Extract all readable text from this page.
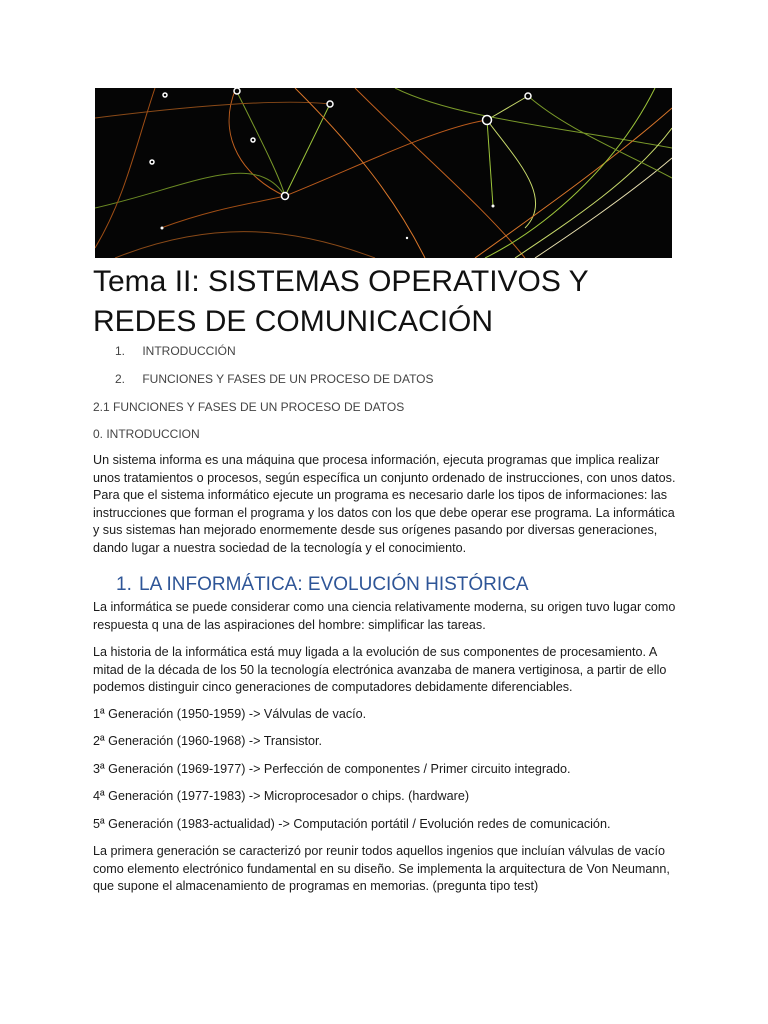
Tema II: SISTEMAS OPERATIVOS Y REDES DE COMUNICACIÓN
1. INTRODUCCIÓN
2. FUNCIONES Y FASES DE UN PROCESO DE DATOS
2.1 FUNCIONES Y FASES DE UN PROCESO DE DATOS
0. INTRODUCCION

Un sistema informa es una máquina que procesa información, ejecuta programas que implica realizar unos tratamientos o procesos, según específica un conjunto ordenado de instrucciones, con unos datos. Para que el sistema informático ejecute un programa es necesario darle los tipos de informaciones: las instrucciones que forman el programa y los datos con los que debe operar ese programa. La informática y sus sistemas han mejorado enormemente desde sus orígenes pasando por diversas generaciones, dando lugar a nuestra sociedad de la tecnología y el conocimiento.

1. LA INFORMÁTICA: EVOLUCIÓN HISTÓRICA

La informática se puede considerar como una ciencia relativamente moderna, su origen tuvo lugar como respuesta q una de las aspiraciones del hombre: simplificar las tareas.

La historia de la informática está muy ligada a la evolución de sus componentes de procesamiento. A mitad de la década de los 50 la tecnología electrónica avanzaba de manera vertiginosa, a partir de ello podemos distinguir cinco generaciones de computadores debidamente diferenciables.

1ª Generación (1950-1959) -> Válvulas de vacío.
2ª Generación (1960-1968) -> Transistor.
3ª Generación (1969-1977) -> Perfección de componentes / Primer circuito integrado.
4ª Generación (1977-1983) -> Microprocesador o chips. (hardware)
5ª Generación (1983-actualidad) -> Computación portátil / Evolución redes de comunicación.

La primera generación se caracterizó por reunir todos aquellos ingenios que incluían válvulas de vacío como elemento electrónico fundamental en su diseño. Se implementa la arquitectura de Von Neumann, que supone el almacenamiento de programas en memorias. (pregunta tipo test)
